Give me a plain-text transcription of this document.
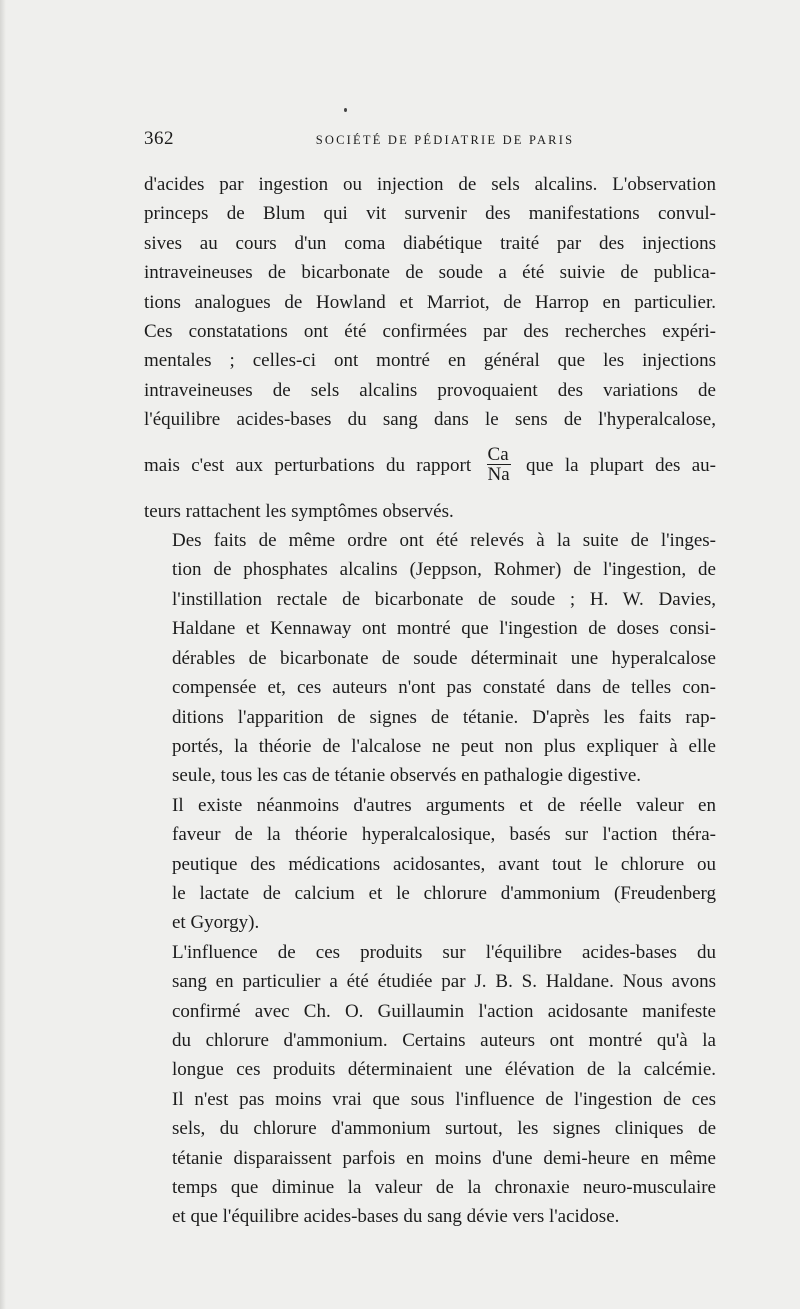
362	SOCIÉTÉ DE PÉDIATRIE DE PARIS

d'acides par ingestion ou injection de sels alcalins. L'observation
princeps de Blum qui vit survenir des manifestations convul-
sives au cours d'un coma diabétique traité par des injections
intraveineuses de bicarbonate de soude a été suivie de publica-
tions analogues de Howland et Marriot, de Harrop en particulier.
Ces constatations ont été confirmées par des recherches expéri-
mentales ; celles-ci ont montré en général que les injections
intraveineuses de sels alcalins provoquaient des variations de
l'équilibre acides-bases du sang dans le sens de l'hyperalcalose,
mais c'est aux perturbations du rapport $\frac{Ca}{Na}$ que la plupart des au-
teurs rattachent les symptômes observés.

Des faits de même ordre ont été relevés à la suite de l'inges-
tion de phosphates alcalins (Jeppson, Rohmer) de l'ingestion, de
l'instillation rectale de bicarbonate de soude ; H. W. Davies,
Haldane et Kennaway ont montré que l'ingestion de doses consi-
dérables de bicarbonate de soude déterminait une hyperalcalose
compensée et, ces auteurs n'ont pas constaté dans de telles con-
ditions l'apparition de signes de tétanie. D'après les faits rap-
portés, la théorie de l'alcalose ne peut non plus expliquer à elle
seule, tous les cas de tétanie observés en pathalogie digestive.

Il existe néanmoins d'autres arguments et de réelle valeur en
faveur de la théorie hyperalcalosique, basés sur l'action théra-
peutique des médications acidosantes, avant tout le chlorure ou
le lactate de calcium et le chlorure d'ammonium (Freudenberg
et Gyorgy).

L'influence de ces produits sur l'équilibre acides-bases du
sang en particulier a été étudiée par J. B. S. Haldane. Nous avons
confirmé avec Ch. O. Guillaumin l'action acidosante manifeste
du chlorure d'ammonium. Certains auteurs ont montré qu'à la
longue ces produits déterminaient une élévation de la calcémie.
Il n'est pas moins vrai que sous l'influence de l'ingestion de ces
sels, du chlorure d'ammonium surtout, les signes cliniques de
tétanie disparaissent parfois en moins d'une demi-heure en même
temps que diminue la valeur de la chronaxie neuro-musculaire
et que l'équilibre acides-bases du sang dévie vers l'acidose.
